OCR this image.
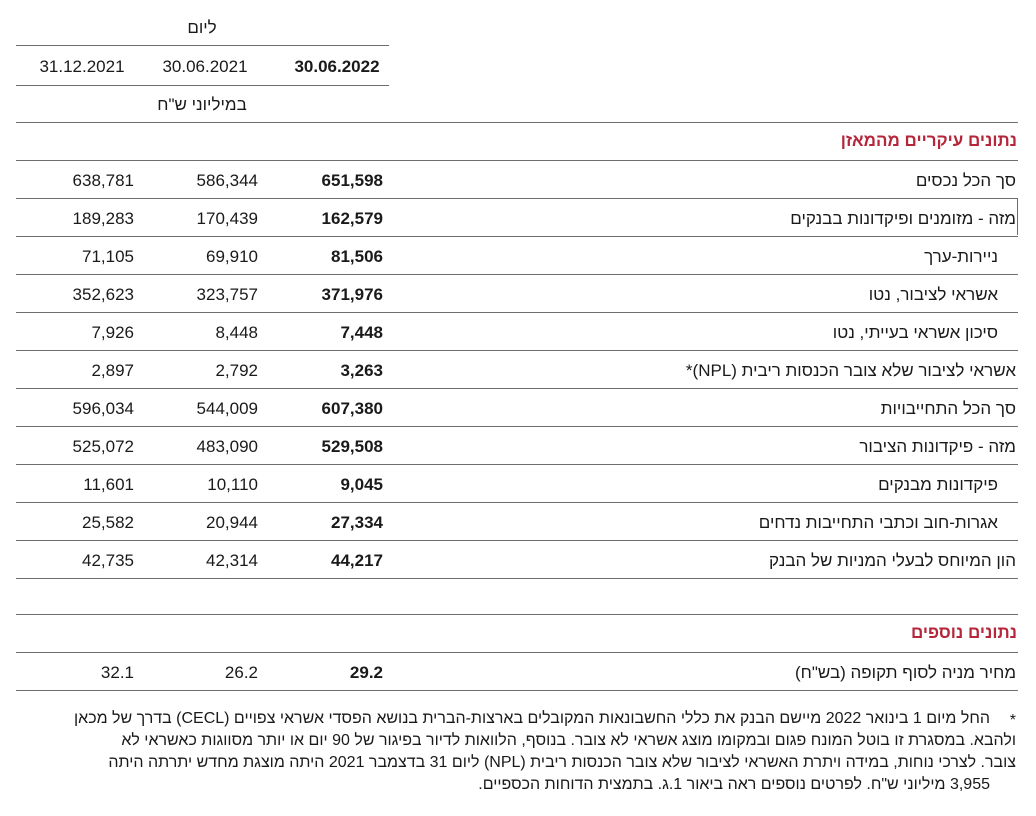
ליום
30.06.2022
30.06.2021
31.12.2021
במיליוני ש"ח
נתונים עיקריים מהמאזן
סך הכל נכסים
651,598
586,344
638,781
מזה - מזומנים ופיקדונות בבנקים
162,579
170,439
189,283
ניירות-ערך
81,506
69,910
71,105
אשראי לציבור, נטו
371,976
323,757
352,623
סיכון אשראי בעייתי, נטו
7,448
8,448
7,926
אשראי לציבור שלא צובר הכנסות ריבית (NPL)*
3,263
2,792
2,897
סך הכל התחייבויות
607,380
544,009
596,034
מזה - פיקדונות הציבור
529,508
483,090
525,072
פיקדונות מבנקים
9,045
10,110
11,601
אגרות-חוב וכתבי התחייבות נדחים
27,334
20,944
25,582
הון המיוחס לבעלי המניות של הבנק
44,217
42,314
42,735
נתונים נוספים
מחיר מניה לסוף תקופה (בש"ח)
29.2
26.2
32.1
*
החל מיום 1 בינואר 2022 מיישם הבנק את כללי החשבונאות המקובלים בארצות-הברית בנושא הפסדי אשראי צפויים (CECL) בדרך של מכאן
ולהבא. במסגרת זו בוטל המונח פגום ובמקומו מוצג אשראי לא צובר. בנוסף, הלוואות לדיור בפיגור של 90 יום או יותר מסווגות כאשראי לא
צובר. לצרכי נוחות, במידה ויתרת האשראי לציבור שלא צובר הכנסות ריבית (NPL) ליום 31 בדצמבר 2021 היתה מוצגת מחדש יתרתה היתה
3,955 מיליוני ש"ח. לפרטים נוספים ראה ביאור 1.ג. בתמצית הדוחות הכספיים.
